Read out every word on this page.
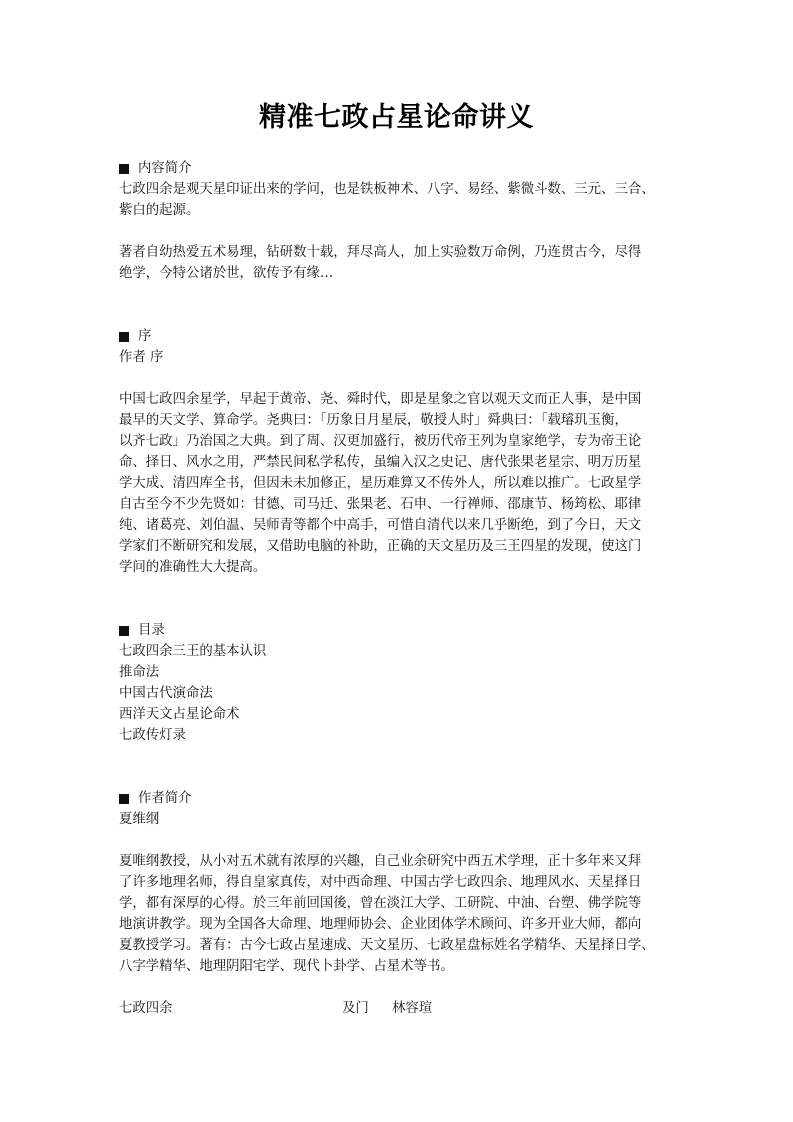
精准七政占星论命讲义
内容简介
七政四余是观天星印证出来的学问，也是铁板神术、八字、易经、紫微斗数、三元、三合、
紫白的起源。
著者自幼热爱五术易理，钻研数十载，拜尽高人，加上实验数万命例，乃连贯古今，尽得
绝学，今特公诸於世，欲传予有缘…
序
作者 序
中国七政四余星学，早起于黄帝、尧、舜时代，即是星象之官以观天文而正人事，是中国
最早的天文学、算命学。尧典曰：「历象日月星辰，敬授人时」舜典曰：「载璿玑玉衡，
以齐七政」乃治国之大典。到了周、汉更加盛行，被历代帝王列为皇家绝学，专为帝王论
命、择日、风水之用，严禁民间私学私传，虽编入汉之史记、唐代张果老星宗、明万历星
学大成、清四库全书，但因未未加修正，星历难算又不传外人，所以难以推广。七政星学
自古至今不少先贤如：甘德、司马迁、张果老、石申、一行禅师、邵康节、杨筠松、耶律
纯、诸葛亮、刘伯温、吴师青等都个中高手，可惜自清代以来几乎断绝，到了今日，天文
学家们不断研究和发展，又借助电脑的补助，正确的天文星历及三王四星的发现，使这门
学问的准确性大大提高。
目录
七政四余三王的基本认识
推命法
中国古代演命法
西洋天文占星论命术
七政传灯录
作者简介
夏维纲
夏唯纲教授，从小对五术就有浓厚的兴趣，自己业余研究中西五术学理，正十多年来又拜
了许多地理名师，得自皇家真传，对中西命理、中国古学七政四余、地理风水、天星择日
学，都有深厚的心得。於三年前回国後，曾在淡江大学、工研院、中油、台塑、佛学院等
地演讲教学。现为全国各大命理、地理师协会、企业团体学术顾问、许多开业大师，都向
夏教授学习。著有：古今七政占星速成、天文星历、七政星盘标姓名学精华、天星择日学、
八字学精华、地理阴阳宅学、现代卜卦学、占星术等书。
七政四余	及门 林容瑄
